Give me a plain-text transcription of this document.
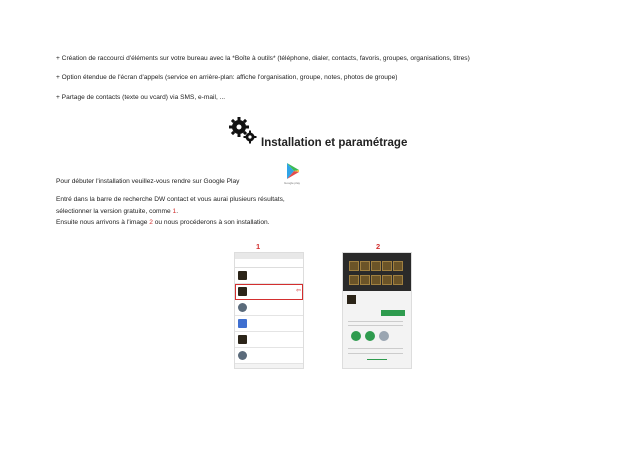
+ Création de raccourci d'éléments sur votre bureau avec la *Boîte à outils* (téléphone, dialer, contacts, favoris, groupes, organisations, titres)
+ Option étendue de l'écran d'appels (service en arrière-plan: affiche l'organisation, groupe, notes, photos de groupe)
+ Partage de contacts (texte ou vcard) via SMS, e-mail, ...
Installation et paramétrage
Pour débuter l'installation veuillez-vous rendre sur Google Play	Google play
Entré dans la barre de recherche DW contact et vous aurai plusieurs résultats,
sélectionner la version gratuite, comme 1.
Ensuite nous arrivons à l'image 2 ou nous procéderons à son installation.
1	2
⇦
